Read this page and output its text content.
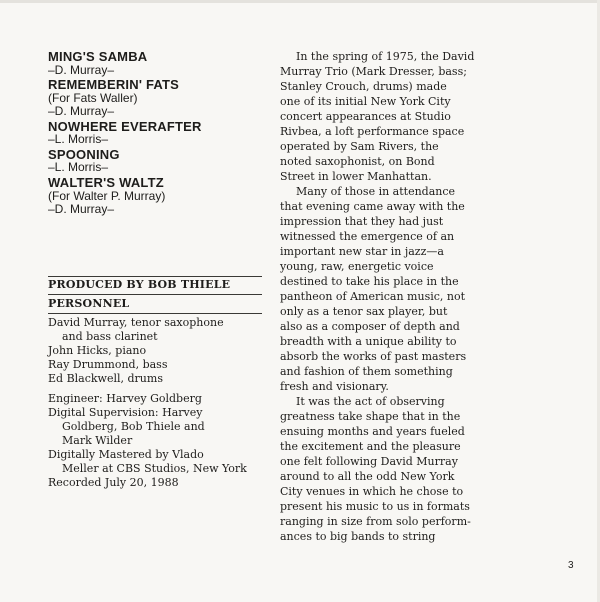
MING'S SAMBA

–D. Murray–

REMEMBERIN' FATS

(For Fats Waller)

–D. Murray–

NOWHERE EVERAFTER

–L. Morris–

SPOONING

–L. Morris–

WALTER'S WALTZ

(For Walter P. Murray)

–D. Murray–

PRODUCED BY BOB THIELE

PERSONNEL

David Murray, tenor saxophone

and bass clarinet

John Hicks, piano

Ray Drummond, bass

Ed Blackwell, drums

Engineer: Harvey Goldberg

Digital Supervision: Harvey

Goldberg, Bob Thiele and

Mark Wilder

Digitally Mastered by Vlado

Meller at CBS Studios, New York

Recorded July 20, 1988

In the spring of 1975, the David

Murray Trio (Mark Dresser, bass;

Stanley Crouch, drums) made

one of its initial New York City

concert appearances at Studio

Rivbea, a loft performance space

operated by Sam Rivers, the

noted saxophonist, on Bond

Street in lower Manhattan.

Many of those in attendance

that evening came away with the

impression that they had just

witnessed the emergence of an

important new star in jazz—a

young, raw, energetic voice

destined to take his place in the

pantheon of American music, not

only as a tenor sax player, but

also as a composer of depth and

breadth with a unique ability to

absorb the works of past masters

and fashion of them something

fresh and visionary.

It was the act of observing

greatness take shape that in the

ensuing months and years fueled

the excitement and the pleasure

one felt following David Murray

around to all the odd New York

City venues in which he chose to

present his music to us in formats

ranging in size from solo perform-

ances to big bands to string

3
